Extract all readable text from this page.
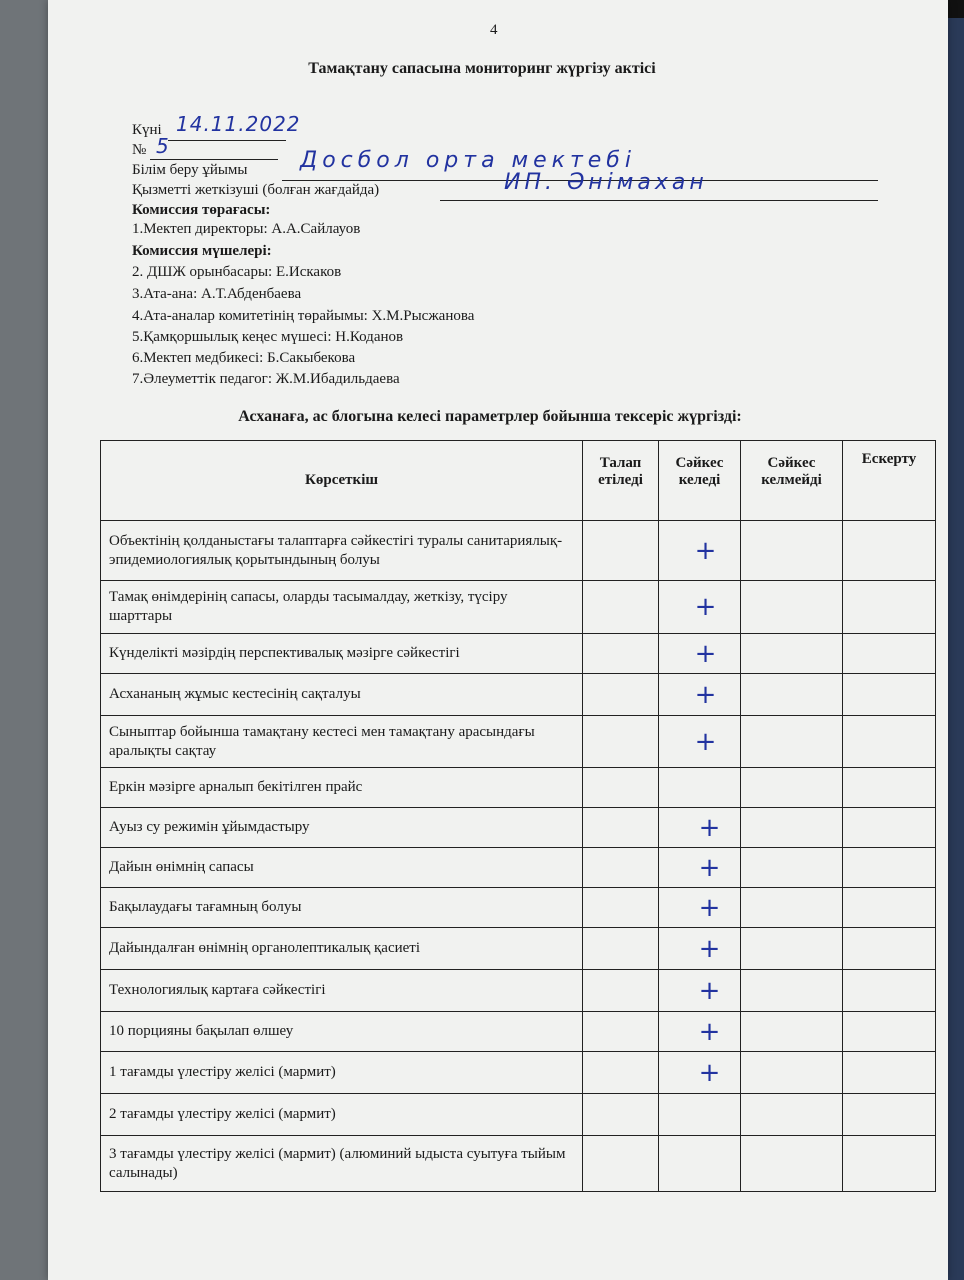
4
Тамақтану сапасына мониторинг жүргізу актісі
Күні 14.11.2022
№ 5
Білім беру ұйымы Досбол орта мектебі
Қызметті жеткізуші (болған жағдайда)	ИП. Әнімахан
Комиссия төрағасы:
1.Мектеп директоры: А.А.Сайлауов
Комиссия мүшелері:
2. ДШЖ орынбасары: Е.Искаков
3.Ата-ана: А.Т.Абденбаева
4.Ата-аналар комитетінің төрайымы: Х.М.Рысжанова
5.Қамқоршылық кеңес мүшесі: Н.Коданов
6.Мектеп медбикесі: Б.Сакыбекова
7.Әлеуметтік педагог: Ж.М.Ибадильдаева
Асханаға, ас блогына келесі параметрлер бойынша тексеріс жүргізді:
Көрсеткіш	Талап етіледі	Сәйкес келеді	Сәйкес келмейді	Ескерту
Объектінің қолданыстағы талаптарға сәйкестігі туралы санитариялық-эпидемиологиялық қорытындының болуы		+		
Тамақ өнімдерінің сапасы, оларды тасымалдау, жеткізу, түсіру шарттары		+		
Күнделікті мәзірдің перспективалық мәзірге сәйкестігі		+		
Асхананың жұмыс кестесінің сақталуы		+		
Сыныптар бойынша тамақтану кестесі мен тамақтану арасындағы аралықты сақтау		+		
Еркін мәзірге арналып бекітілген прайс				
Ауыз су режимін ұйымдастыру		+		
Дайын өнімнің сапасы		+		
Бақылаудағы тағамның болуы		+		
Дайындалған өнімнің органолептикалық қасиеті		+		
Технологиялық картаға сәйкестігі		+		
10 порцияны бақылап өлшеу		+		
1 тағамды үлестіру желісі (мармит)		+		
2 тағамды үлестіру желісі (мармит)				
3 тағамды үлестіру желісі (мармит) (алюминий ыдыста суытуға тыйым салынады)				
